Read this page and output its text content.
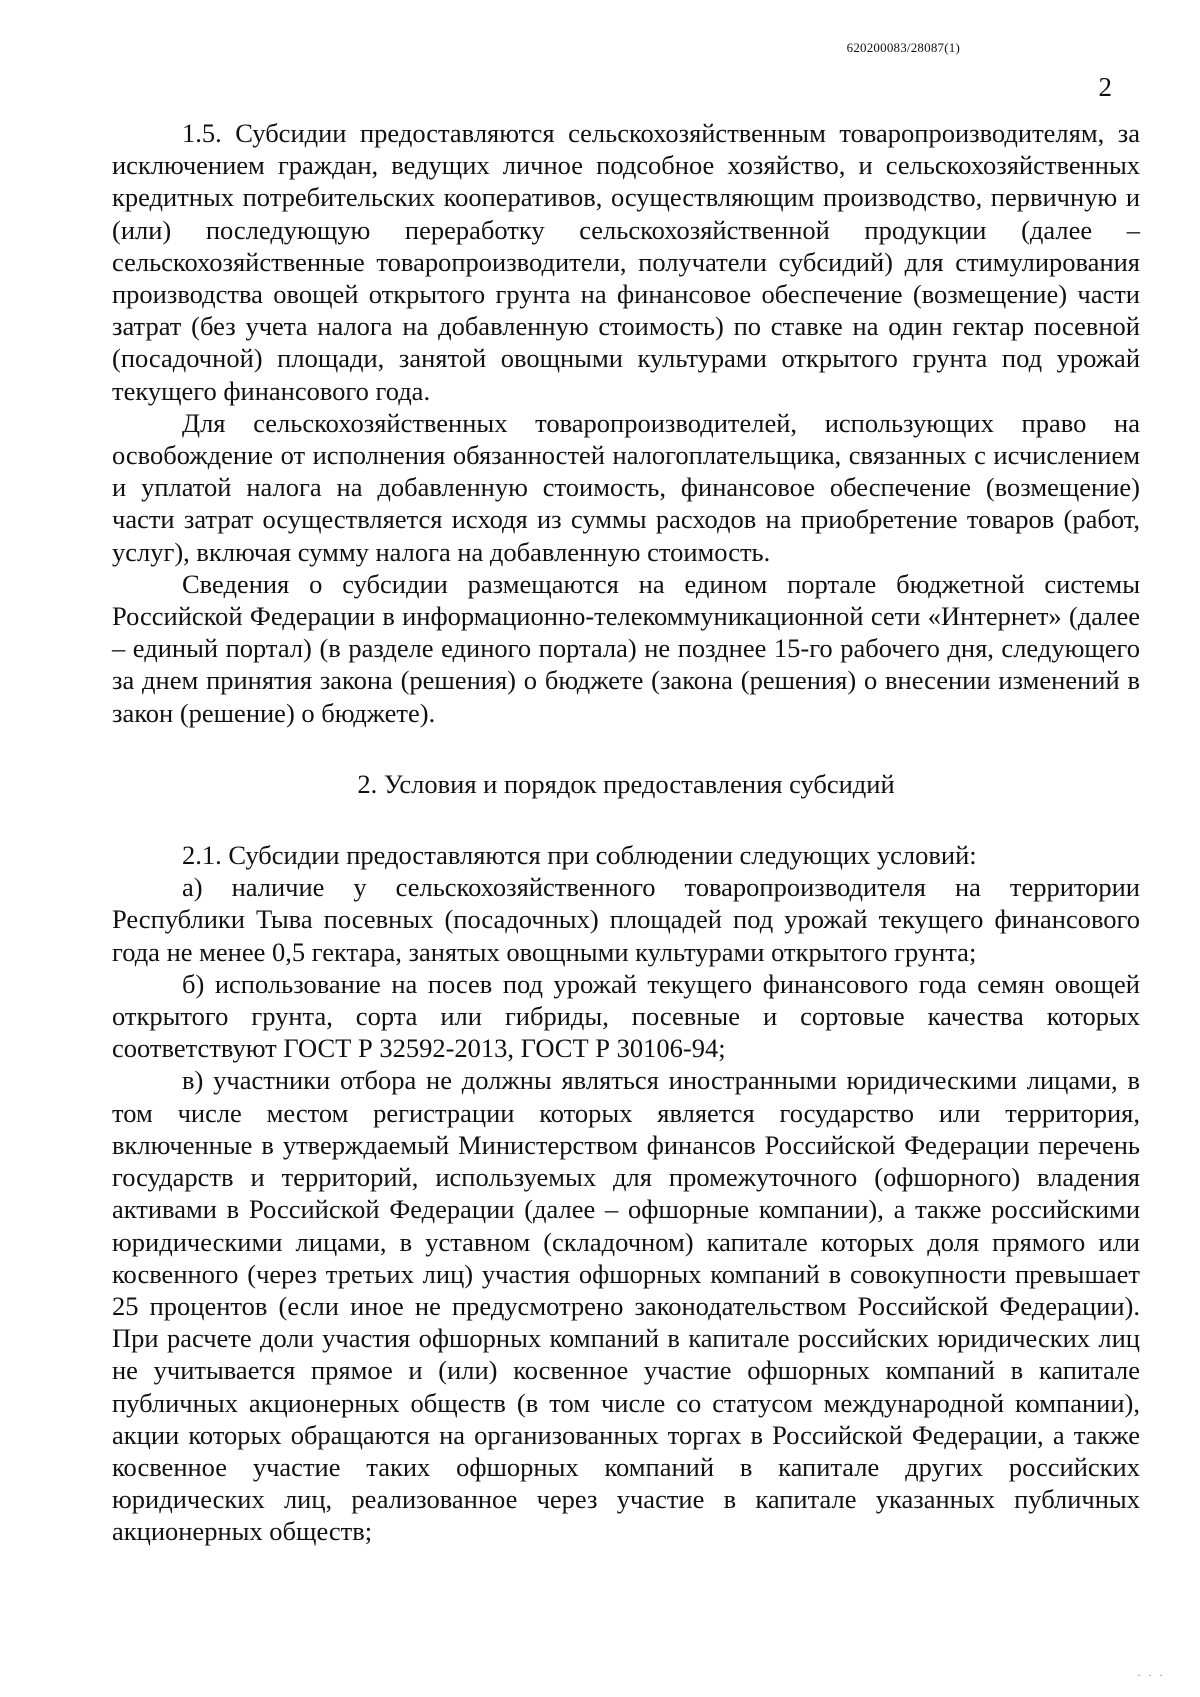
620200083/28087(1)
2

1.5. Субсидии предоставляются сельскохозяйственным товаропроизводителям, за исключением граждан, ведущих личное подсобное хозяйство, и сельскохозяйственных кредитных потребительских кооперативов, осуществляющим производство, первичную и (или) последующую переработку сельскохозяйственной продукции (далее – сельскохозяйственные товаропроизводители, получатели субсидий) для стимулирования производства овощей открытого грунта на финансовое обеспечение (возмещение) части затрат (без учета налога на добавленную стоимость) по ставке на один гектар посевной (посадочной) площади, занятой овощными культурами открытого грунта под урожай текущего финансового года.

Для сельскохозяйственных товаропроизводителей, использующих право на освобождение от исполнения обязанностей налогоплательщика, связанных с исчислением и уплатой налога на добавленную стоимость, финансовое обеспечение (возмещение) части затрат осуществляется исходя из суммы расходов на приобретение товаров (работ, услуг), включая сумму налога на добавленную стоимость.

Сведения о субсидии размещаются на едином портале бюджетной системы Российской Федерации в информационно-телекоммуникационной сети «Интернет» (далее – единый портал) (в разделе единого портала) не позднее 15-го рабочего дня, следующего за днем принятия закона (решения) о бюджете (закона (решения) о внесении изменений в закон (решение) о бюджете).

2. Условия и порядок предоставления субсидий

2.1. Субсидии предоставляются при соблюдении следующих условий:

а) наличие у сельскохозяйственного товаропроизводителя на территории Республики Тыва посевных (посадочных) площадей под урожай текущего финансового года не менее 0,5 гектара, занятых овощными культурами открытого грунта;

б) использование на посев под урожай текущего финансового года семян овощей открытого грунта, сорта или гибриды, посевные и сортовые качества которых соответствуют ГОСТ Р 32592-2013, ГОСТ Р 30106-94;

в) участники отбора не должны являться иностранными юридическими лицами, в том числе местом регистрации которых является государство или территория, включенные в утверждаемый Министерством финансов Российской Федерации перечень государств и территорий, используемых для промежуточного (офшорного) владения активами в Российской Федерации (далее – офшорные компании), а также российскими юридическими лицами, в уставном (складочном) капитале которых доля прямого или косвенного (через третьих лиц) участия офшорных компаний в совокупности превышает 25 процентов (если иное не предусмотрено законодательством Российской Федерации). При расчете доли участия офшорных компаний в капитале российских юридических лиц не учитывается прямое и (или) косвенное участие офшорных компаний в капитале публичных акционерных обществ (в том числе со статусом международной компании), акции которых обращаются на организованных торгах в Российской Федерации, а также косвенное участие таких офшорных компаний в капитале других российских юридических лиц, реализованное через участие в капитале указанных публичных акционерных обществ;

· · ·
